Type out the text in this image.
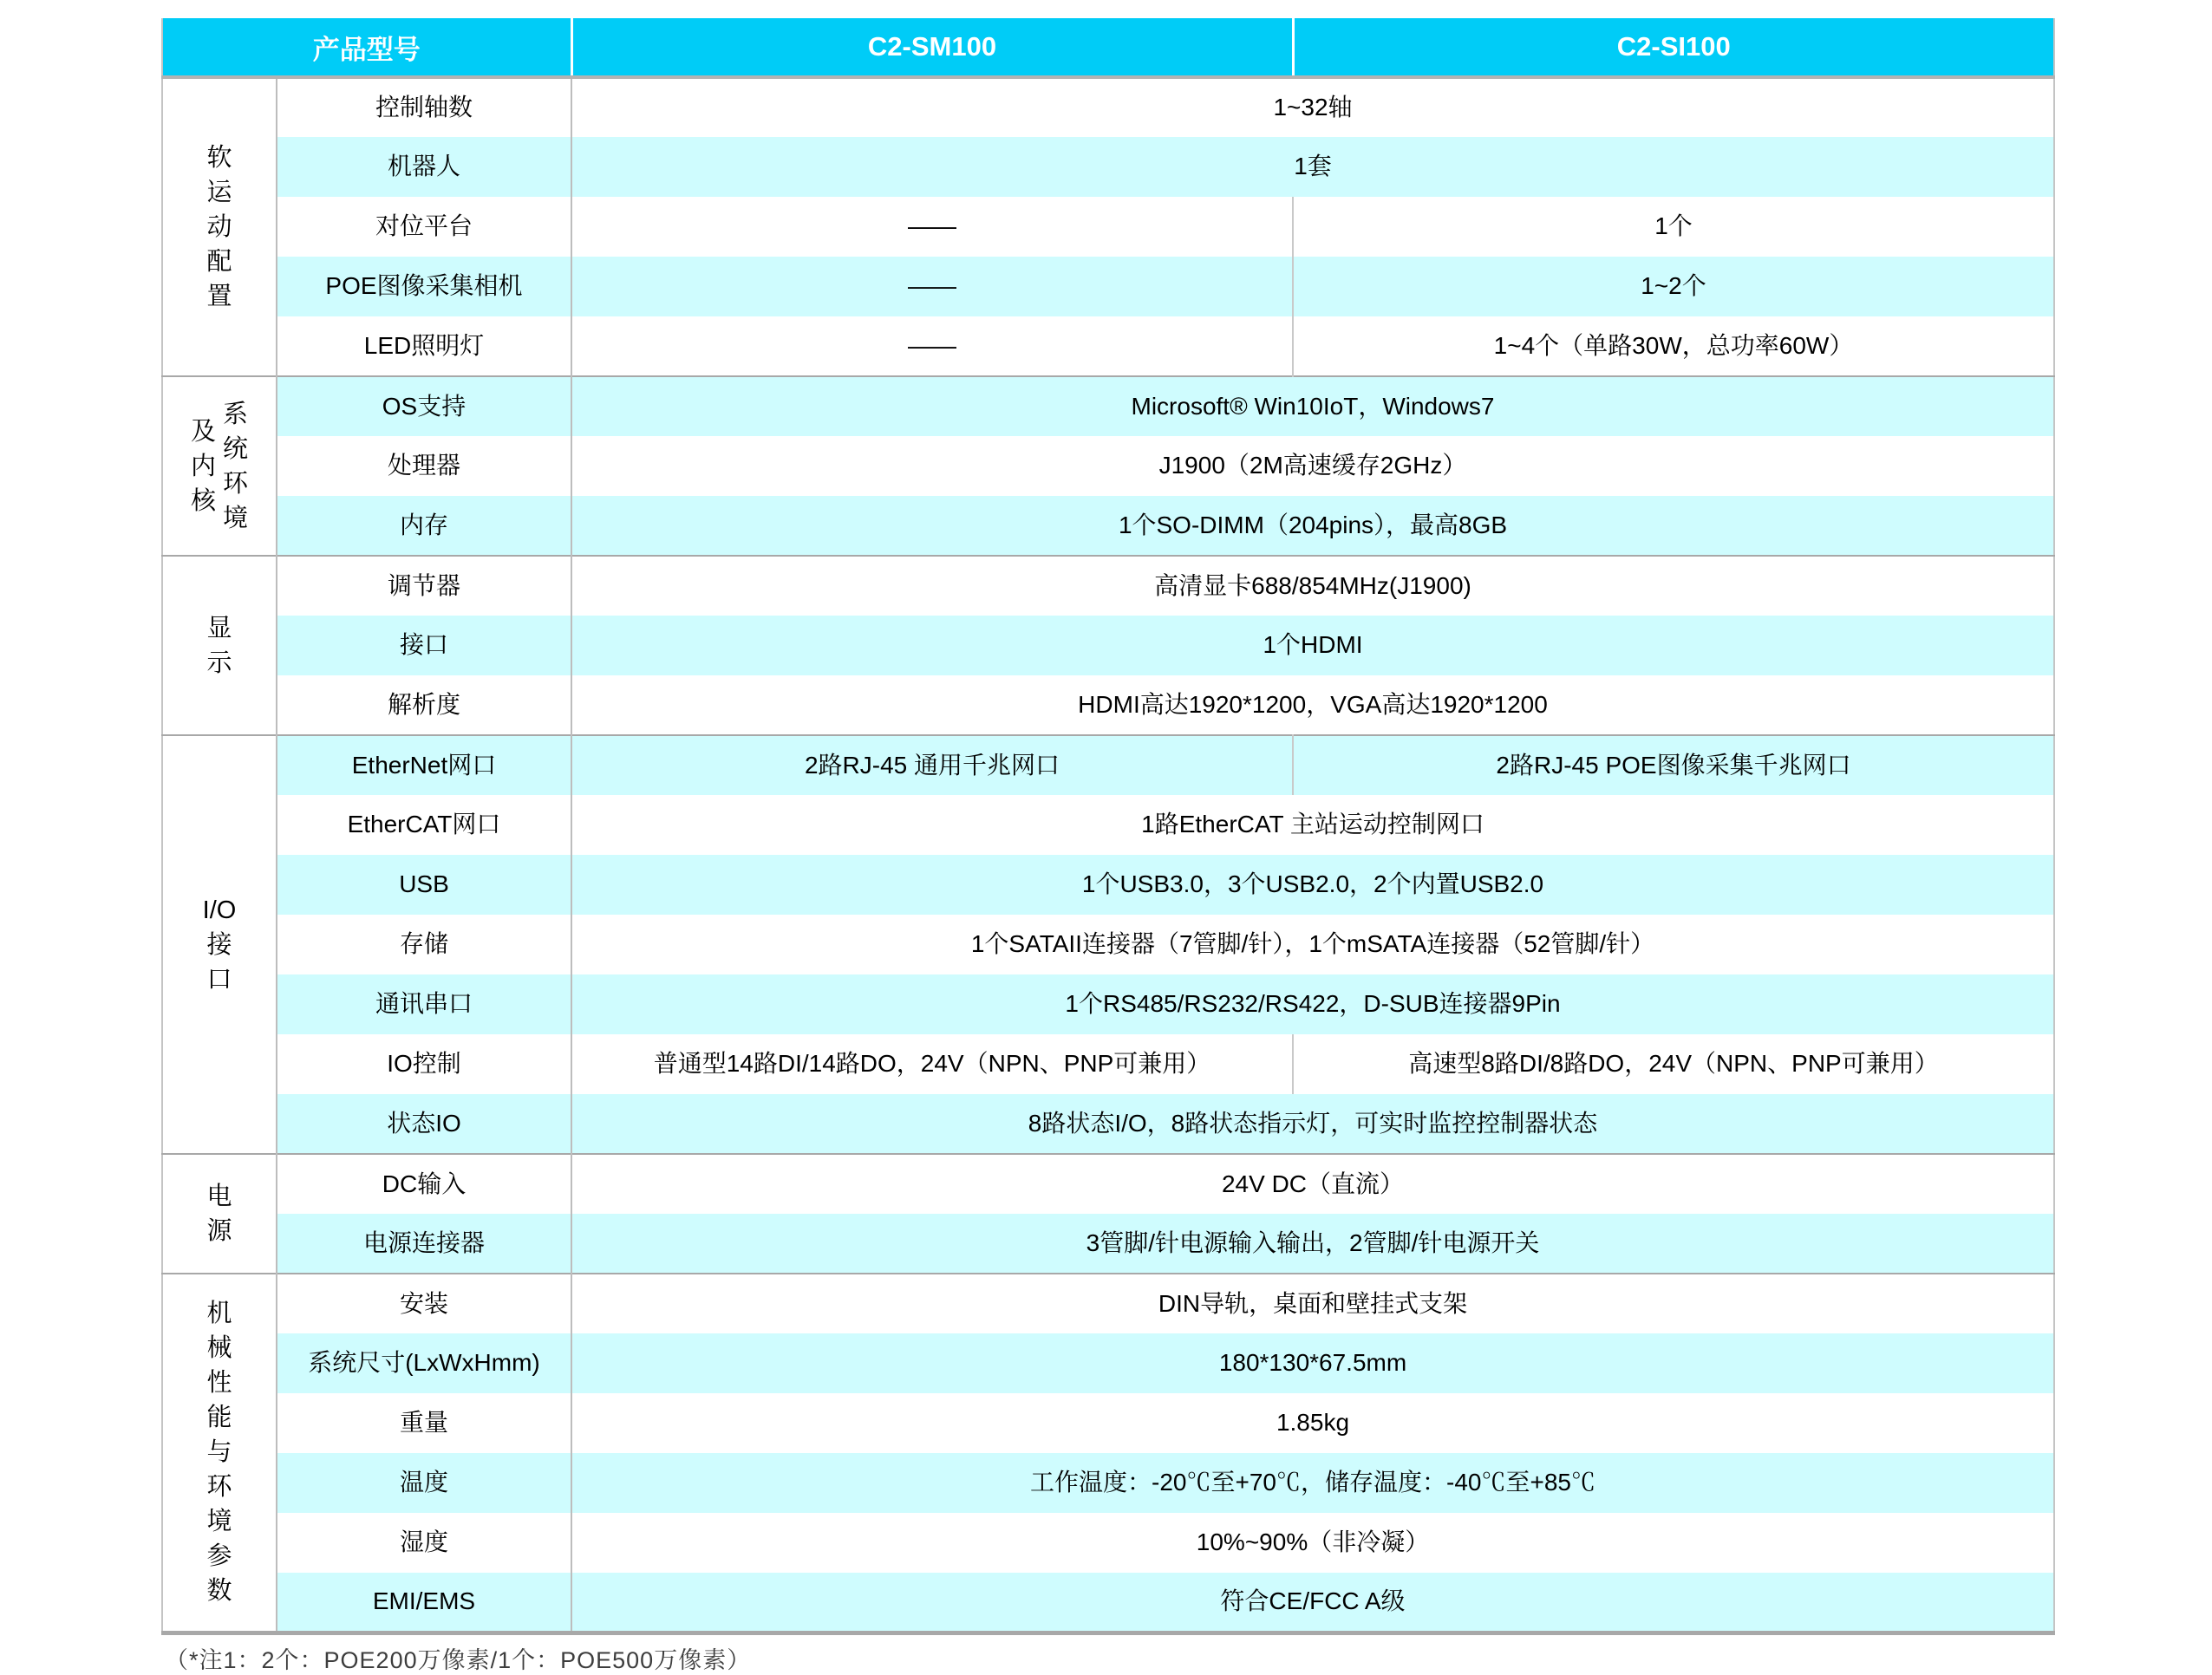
产品型号		C2-SM100	C2-SI100

软
运
动
配
置	控制轴数	1~32轴	
	机器人	1套	
	对位平台	——	1个
	POE图像采集相机	——	1~2个
	LED照明灯	——	1~4个（单路30W，总功率60W）

系
统
环
境
及
内
核
	OS支持	Microsoft® Win10IoT，Windows7
	处理器	J1900（2M高速缓存2GHz）	
	内存	1个SO-DIMM（204pins），最高8GB	

显
示	调节器	高清显卡688/854MHz(J1900)	
	接口	1个HDMI	
	解析度	HDMI高达1920*1200，VGA高达1920*1200	

I/O
接
口	EtherNet网口	2路RJ-45 通用千兆网口	2路RJ-45 POE图像采集千兆网口
	EtherCAT网口	1路EtherCAT 主站运动控制网口	
	USB	1个USB3.0，3个USB2.0，2个内置USB2.0	
	存储	1个SATAII连接器（7管脚/针），1个mSATA连接器（52管脚/针）	
	通讯串口	1个RS485/RS232/RS422，D-SUB连接器9Pin	
	IO控制	普通型14路DI/14路DO，24V（NPN、PNP可兼用）	高速型8路DI/8路DO，24V（NPN、PNP可兼用）
	状态IO	8路状态I/O，8路状态指示灯，可实时监控控制器状态	

电
源	DC输入	24V DC（直流）	
	电源连接器	3管脚/针电源输入输出，2管脚/针电源开关	

机
械
性
能
与
环
境
参
数
	安装	DIN导轨，桌面和壁挂式支架
	系统尺寸(LxWxHmm)	180*130*67.5mm	
	重量	1.85kg	
	温度	工作温度：-20℃至+70℃，储存温度：-40℃至+85℃	
	湿度	10%~90%（非冷凝）	
	EMI/EMS	符合CE/FCC A级	
（*注1：2个：POE200万像素/1个：POE500万像素）
